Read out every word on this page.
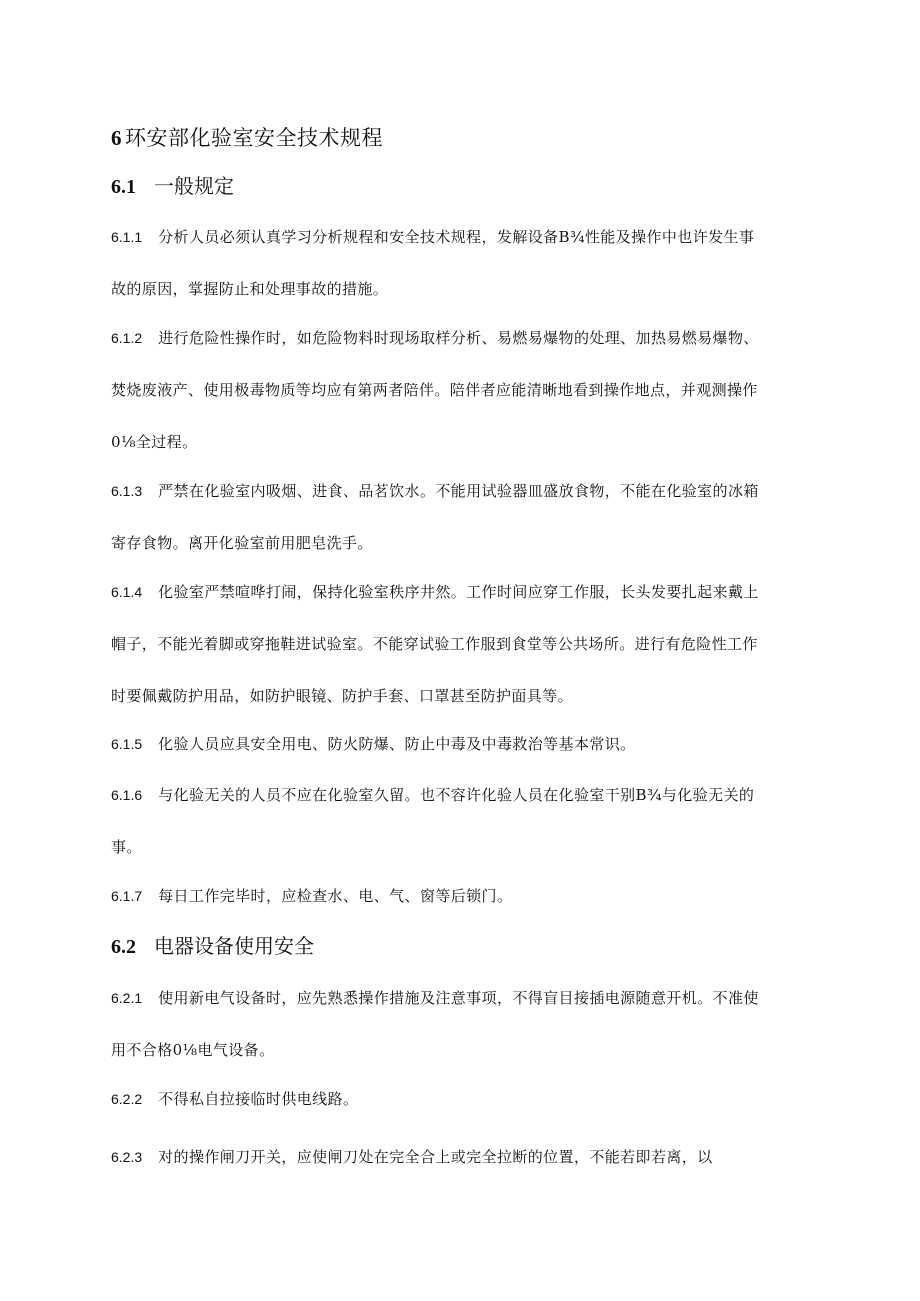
6 环安部化验室安全技术规程
6.1 一般规定
6.1.1 分析人员必须认真学习分析规程和安全技术规程，发解设备B¾性能及操作中也许发生事
故的原因，掌握防止和处理事故的措施。
6.1.2 进行危险性操作时，如危险物料时现场取样分析、易燃易爆物的处理、加热易燃易爆物、
焚烧废液产、使用极毒物质等均应有第两者陪伴。陪伴者应能清晰地看到操作地点，并观测操作
0⅛全过程。
6.1.3 严禁在化验室内吸烟、进食、品茗饮水。不能用试验器皿盛放食物，不能在化验室的冰箱
寄存食物。离开化验室前用肥皂洗手。
6.1.4 化验室严禁喧哗打闹，保持化验室秩序井然。工作时间应穿工作服，长头发要扎起来戴上
帽子，不能光着脚或穿拖鞋进试验室。不能穿试验工作服到食堂等公共场所。进行有危险性工作
时要佩戴防护用品，如防护眼镜、防护手套、口罩甚至防护面具等。
6.1.5 化验人员应具安全用电、防火防爆、防止中毒及中毒救治等基本常识。
6.1.6 与化验无关的人员不应在化验室久留。也不容许化验人员在化验室干别B¾与化验无关的
事。
6.1.7 每日工作完毕时，应检查水、电、气、窗等后锁门。
6.2 电器设备使用安全
6.2.1 使用新电气设备时，应先熟悉操作措施及注意事项，不得盲目接插电源随意开机。不准使
用不合格0⅛电气设备。
6.2.2 不得私自拉接临时供电线路。
6.2.3 对的操作闸刀开关，应使闸刀处在完全合上或完全拉断的位置，不能若即若离，以
